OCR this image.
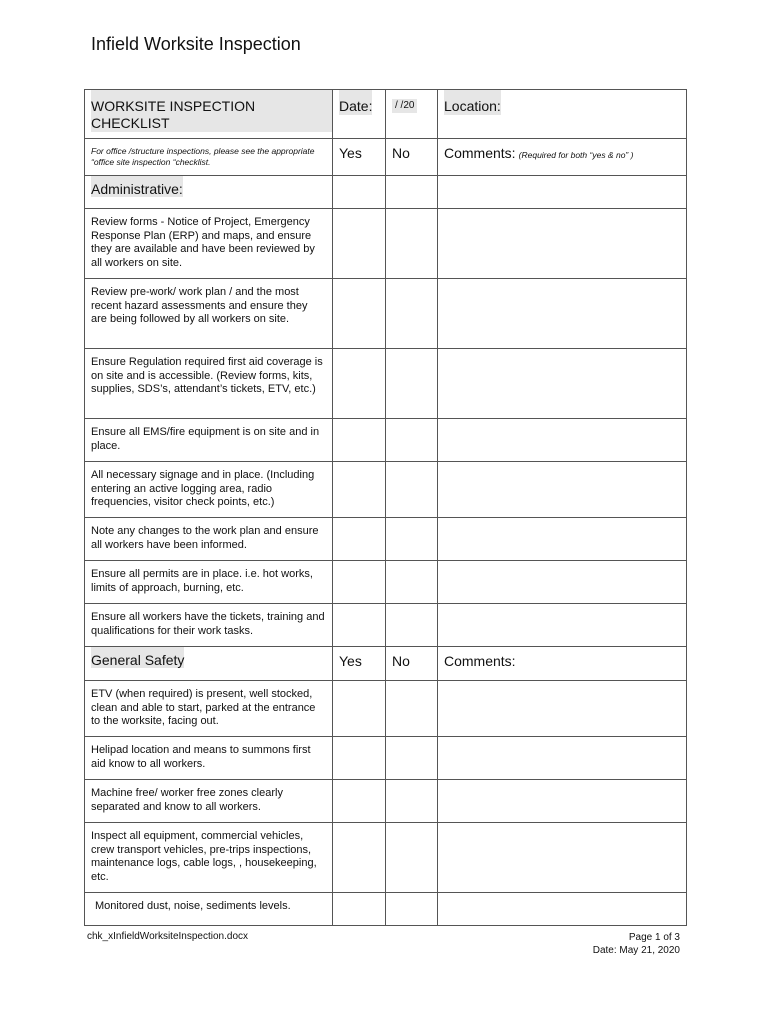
Infield Worksite Inspection
WORKSITE INSPECTION CHECKLIST	Date:	/ /20	Location:

For office /structure inspections, please see the appropriate “office site inspection “checklist.	Yes	No	Comments: (Required for both “yes & no” )
Administrative:			

Review forms - Notice of Project, Emergency Response Plan (ERP) and maps, and ensure they are available and have been reviewed by all workers on site.			

Review pre-work/ work plan / and the most recent hazard assessments and ensure they are being followed by all workers on site.			

Ensure Regulation required first aid coverage is on site and is accessible. (Review forms, kits, supplies, SDS’s, attendant’s tickets, ETV, etc.)			

Ensure all EMS/fire equipment is on site and in place.			

All necessary signage and in place. (Including entering an active logging area, radio frequencies, visitor check points, etc.)			

Note any changes to the work plan and ensure all workers have been informed.			

Ensure all permits are in place. i.e. hot works, limits of approach, burning, etc.			

Ensure all workers have the tickets, training and qualifications for their work tasks.			

General Safety	Yes	No	Comments:

ETV (when required) is present, well stocked, clean and able to start, parked at the entrance to the worksite, facing out.			

Helipad location and means to summons first aid know to all workers.			

Machine free/ worker free zones clearly separated and know to all workers.			

Inspect all equipment, commercial vehicles, crew transport vehicles, pre-trips inspections, maintenance logs, cable logs, , housekeeping, etc.			

Monitored dust, noise, sediments levels.			

chk_xInfieldWorksiteInspection.docx	Page 1 of 3
Date: May 21, 2020
